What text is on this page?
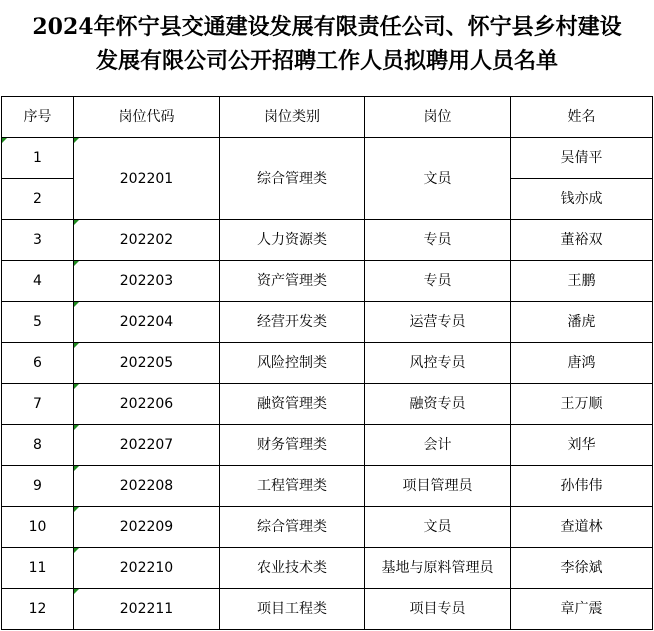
2024年怀宁县交通建设发展有限责任公司、怀宁县乡村建设
发展有限公司公开招聘工作人员拟聘用人员名单
序号	岗位代码	岗位类别	岗位	姓名

1	202201	综合管理类	文员	吴倩平
2				钱亦成
3	202202	人力资源类	专员	董裕双
4	202203	资产管理类	专员	王鹏
5	202204	经营开发类	运营专员	潘虎
6	202205	风险控制类	风控专员	唐鸿
7	202206	融资管理类	融资专员	王万顺
8	202207	财务管理类	会计	刘华
9	202208	工程管理类	项目管理员	孙伟伟
10	202209	综合管理类	文员	查道林
11	202210	农业技术类	基地与原料管理员	李徐斌
12	202211	项目工程类	项目专员	章广震
